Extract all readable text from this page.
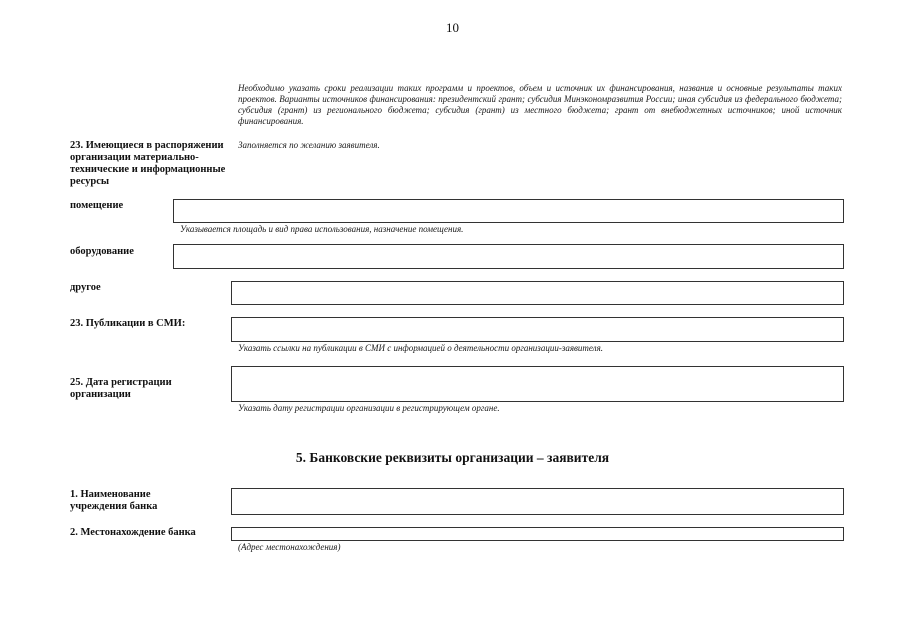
10
Необходимо указать сроки реализации таких программ и проектов, объем и источник их финансирования, названия и основные результаты таких проектов. Варианты источников финансирования: президентский грант; субсидия Минэкономразвития России; иная субсидия из федерального бюджета; субсидия (грант) из регионального бюджета; субсидия (грант) из местного бюджета; грант от внебюджетных источников; иной источник финансирования.
23. Имеющиеся в распоряжении организации материально-технические и информационные ресурсы
Заполняется по желанию заявителя.
помещение
Указывается площадь и вид права использования, назначение помещения.
оборудование
другое
23. Публикации в СМИ:
Указать ссылки на публикации в СМИ с информацией о деятельности организации-заявителя.
25. Дата регистрации организации
Указать дату регистрации организации в регистрирующем органе.
5. Банковские реквизиты организации – заявителя
1. Наименование учреждения банка
2. Местонахождение банка
(Адрес местонахождения)
